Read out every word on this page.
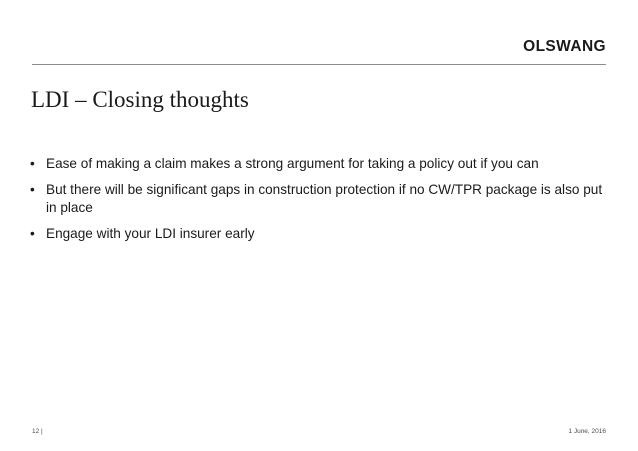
OLSWANG
LDI – Closing thoughts
• Ease of making a claim makes a strong argument for taking a policy out if you can
• But there will be significant gaps in construction protection if no CW/TPR package is also put in place
• Engage with your LDI insurer early
12 |	1 June, 2016
